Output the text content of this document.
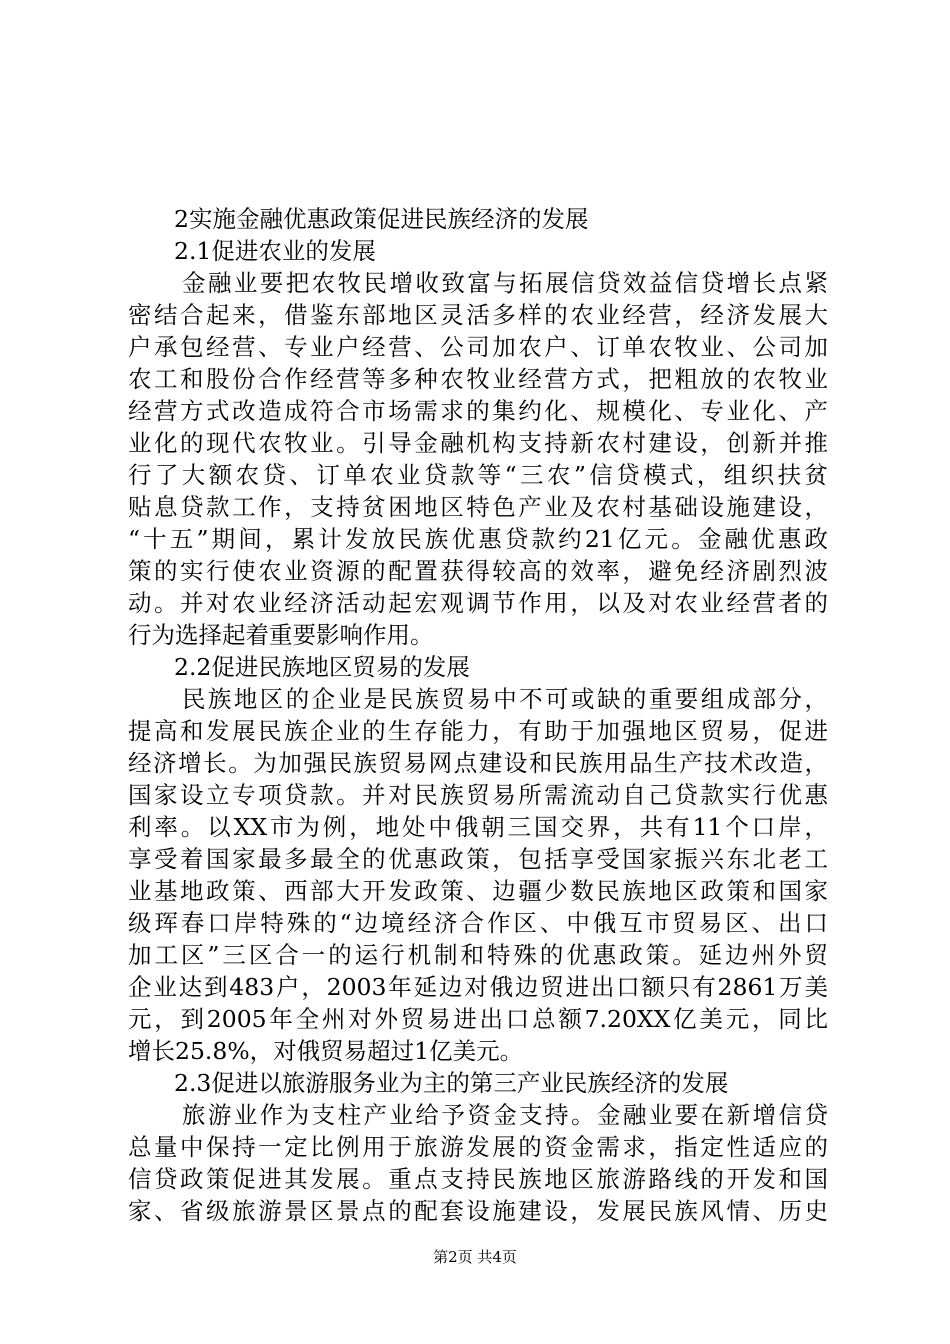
2实施金融优惠政策促进民族经济的发展
2.1促进农业的发展
金融业要把农牧民增收致富与拓展信贷效益信贷增长点紧
密结合起来，借鉴东部地区灵活多样的农业经营，经济发展大
户承包经营、专业户经营、公司加农户、订单农牧业、公司加
农工和股份合作经营等多种农牧业经营方式，把粗放的农牧业
经营方式改造成符合市场需求的集约化、规模化、专业化、产
业化的现代农牧业。引导金融机构支持新农村建设，创新并推
行了大额农贷、订单农业贷款等“三农”信贷模式，组织扶贫
贴息贷款工作，支持贫困地区特色产业及农村基础设施建设，
“十五”期间，累计发放民族优惠贷款约21亿元。金融优惠政
策的实行使农业资源的配置获得较高的效率，避免经济剧烈波
动。并对农业经济活动起宏观调节作用，以及对农业经营者的
行为选择起着重要影响作用。
2.2促进民族地区贸易的发展
民族地区的企业是民族贸易中不可或缺的重要组成部分，
提高和发展民族企业的生存能力，有助于加强地区贸易，促进
经济增长。为加强民族贸易网点建设和民族用品生产技术改造，
国家设立专项贷款。并对民族贸易所需流动自己贷款实行优惠
利率。以XX市为例，地处中俄朝三国交界，共有11个口岸，
享受着国家最多最全的优惠政策，包括享受国家振兴东北老工
业基地政策、西部大开发政策、边疆少数民族地区政策和国家
级珲春口岸特殊的“边境经济合作区、中俄互市贸易区、出口
加工区”三区合一的运行机制和特殊的优惠政策。延边州外贸
企业达到483户，2003年延边对俄边贸进出口额只有2861万美
元，到2005年全州对外贸易进出口总额7.20XX亿美元，同比
增长25.8%，对俄贸易超过1亿美元。
2.3促进以旅游服务业为主的第三产业民族经济的发展
旅游业作为支柱产业给予资金支持。金融业要在新增信贷
总量中保持一定比例用于旅游发展的资金需求，指定性适应的
信贷政策促进其发展。重点支持民族地区旅游路线的开发和国
家、省级旅游景区景点的配套设施建设，发展民族风情、历史
第2页 共4页
